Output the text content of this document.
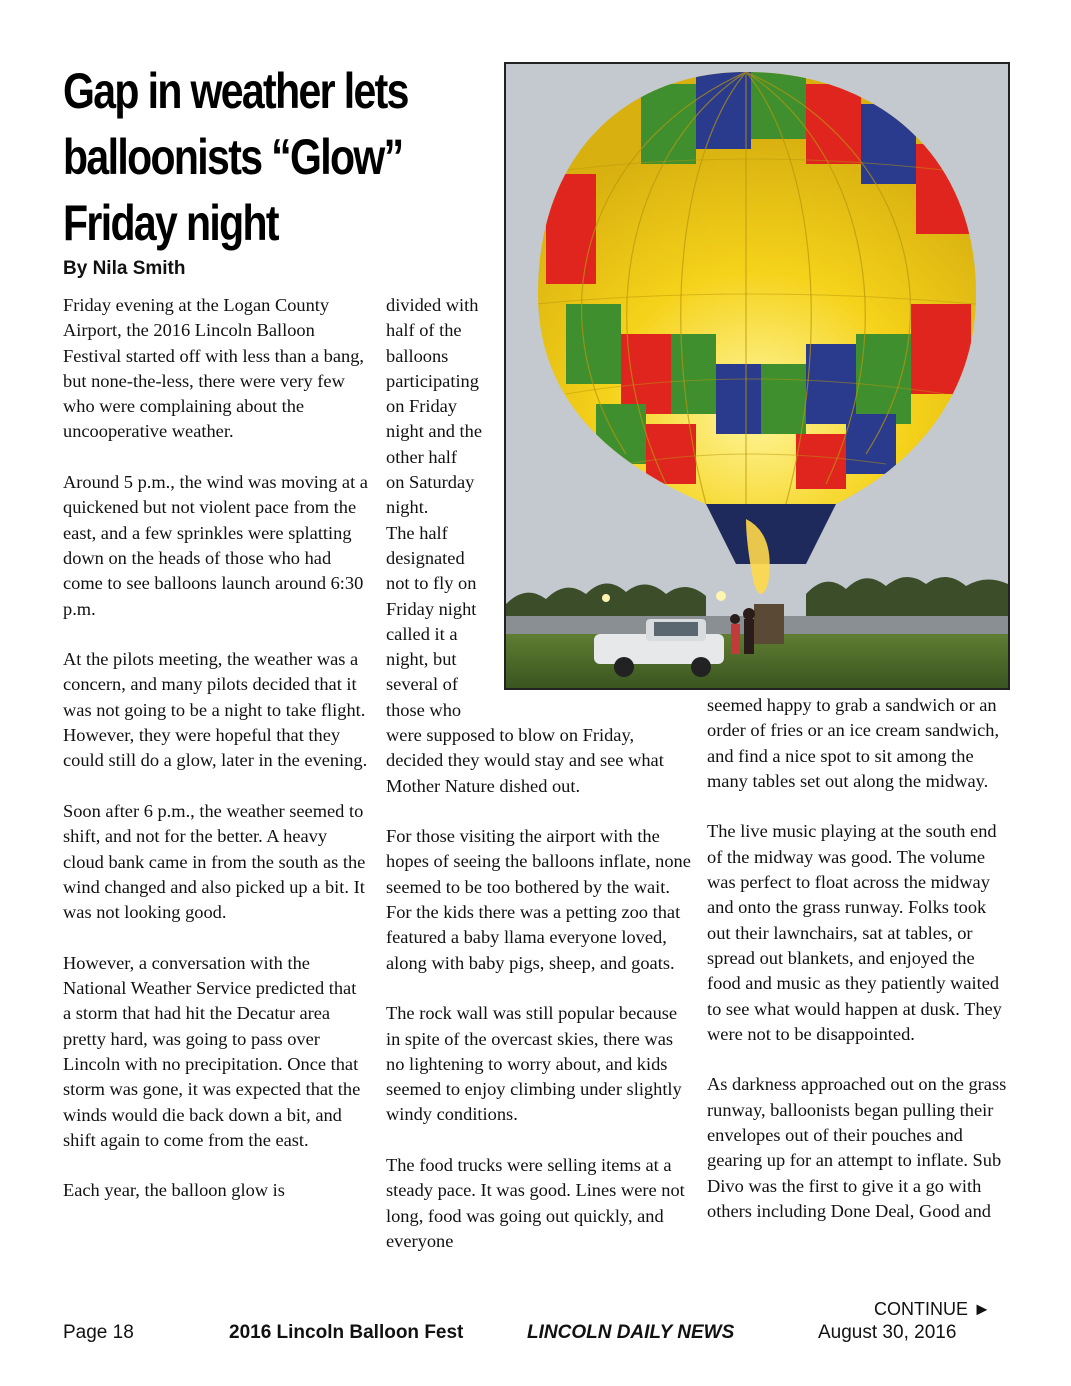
Gap in weather lets balloonists “Glow” Friday night
By Nila Smith

Friday evening at the Logan County Airport, the 2016 Lincoln Balloon Festival started off with less than a bang, but none-the-less, there were very few who were complaining about the uncooperative weather.

Around 5 p.m., the wind was moving at a quickened but not violent pace from the east, and a few sprinkles were splatting down on the heads of those who had come to see balloons launch around 6:30 p.m.

At the pilots meeting, the weather was a concern, and many pilots decided that it was not going to be a night to take flight. However, they were hopeful that they could still do a glow, later in the evening.

Soon after 6 p.m., the weather seemed to shift, and not for the better. A heavy cloud bank came in from the south as the wind changed and also picked up a bit. It was not looking good.

However, a conversation with the National Weather Service predicted that a storm that had hit the Decatur area pretty hard, was going to pass over Lincoln with no precipitation. Once that storm was gone, it was expected that the winds would die back down a bit, and shift again to come from the east.

Each year, the balloon glow is

divided with
half of the
balloons
participating
on Friday
night and the
other half
on Saturday
night.
The half
designated
not to fly on
Friday night
called it a
night, but
several of
those who

were supposed to blow on Friday, decided they would stay and see what Mother Nature dished out.

For those visiting the airport with the hopes of seeing the balloons inflate, none seemed to be too bothered by the wait. For the kids there was a petting zoo that featured a baby llama everyone loved, along with baby pigs, sheep, and goats.

The rock wall was still popular because in spite of the overcast skies, there was no lightening to worry about, and kids seemed to enjoy climbing under slightly windy conditions.

The food trucks were selling items at a steady pace. It was good. Lines were not long, food was going out quickly, and everyone

seemed happy to grab a sandwich or an order of fries or an ice cream sandwich, and find a nice spot to sit among the many tables set out along the midway.

The live music playing at the south end of the midway was good. The volume was perfect to float across the midway and onto the grass runway. Folks took out their lawnchairs, sat at tables, or spread out blankets, and enjoyed the food and music as they patiently waited to see what would happen at dusk. They were not to be disappointed.

As darkness approached out on the grass runway, balloonists began pulling their envelopes out of their pouches and gearing up for an attempt to inflate. Sub Divo was the first to give it a go with others including Done Deal, Good and

CONTINUE ►
Page 18	2016 Lincoln Balloon Fest	LINCOLN DAILY NEWS	August 30, 2016
